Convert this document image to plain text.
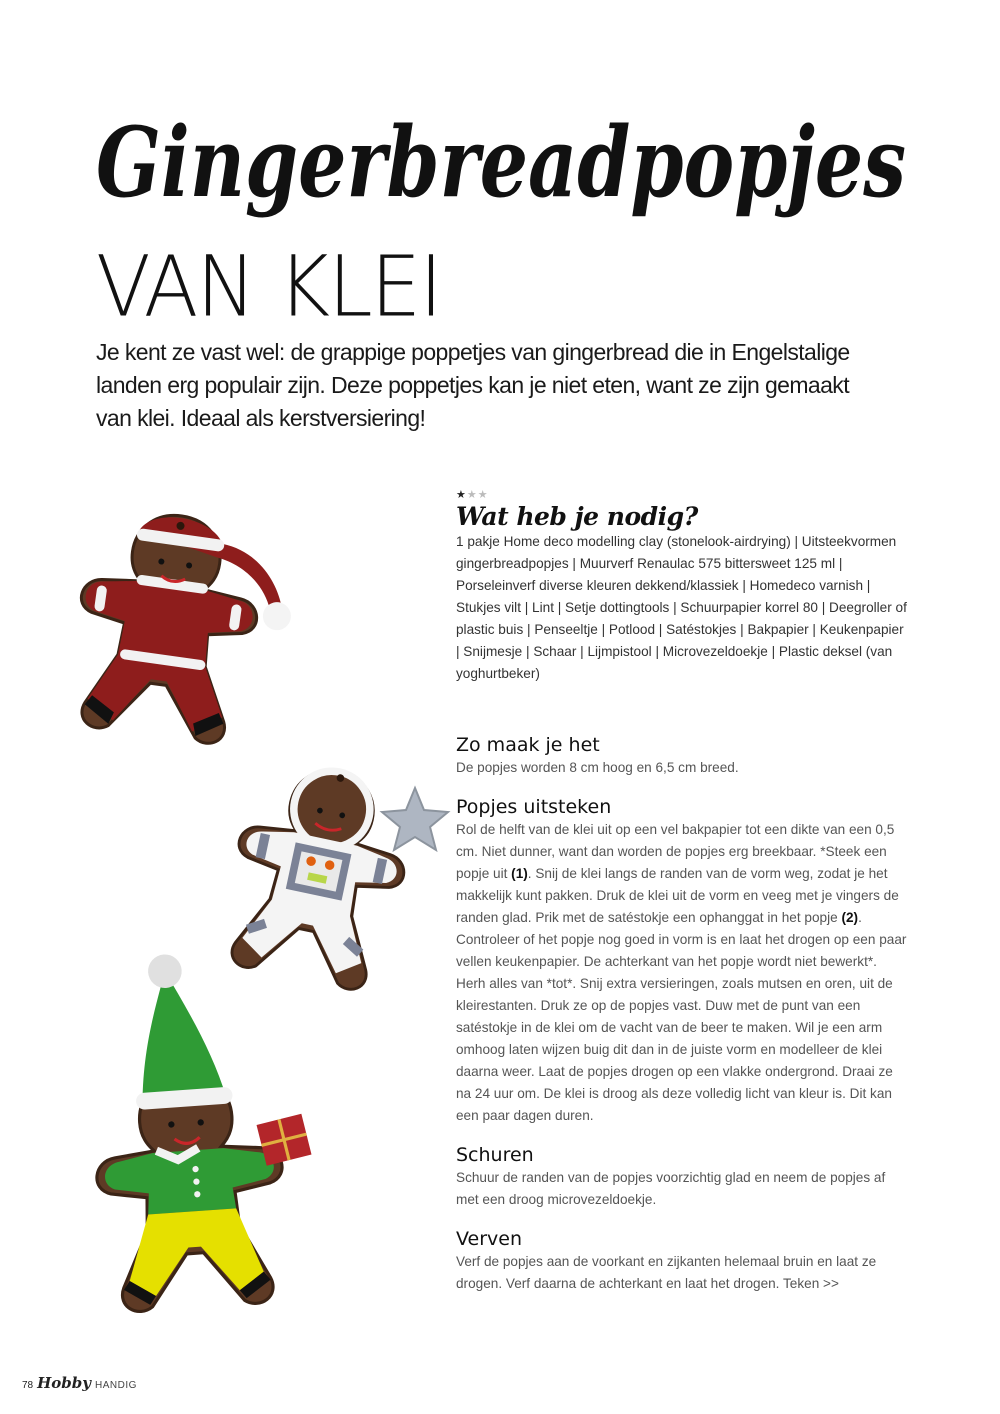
Gingerbreadpopjes
VAN KLEI
Je kent ze vast wel: de grappige poppetjes van gingerbread die in Engelstalige landen erg populair zijn. Deze poppetjes kan je niet eten, want ze zijn gemaakt van klei. Ideaal als kerstversiering!
★★★
Wat heb je nodig?
1 pakje Home deco modelling clay (stonelook-airdrying) | Uitsteekvormen gingerbreadpopjes | Muurverf Renaulac 575 bittersweet 125 ml | Porseleinverf diverse kleuren dekkend/klassiek | Homedeco varnish | Stukjes vilt | Lint | Setje dottingtools | Schuurpapier korrel 80 | Deegroller of plastic buis | Penseeltje | Potlood | Satéstokjes | Bakpapier | Keukenpapier | Snijmesje | Schaar | Lijmpistool | Microvezeldoekje | Plastic deksel (van yoghurtbeker)
Zo maak je het
De popjes worden 8 cm hoog en 6,5 cm breed.
Popjes uitsteken
Rol de helft van de klei uit op een vel bakpapier tot een dikte van een 0,5 cm. Niet dunner, want dan worden de popjes erg breekbaar. *Steek een popje uit (1). Snij de klei langs de randen van de vorm weg, zodat je het makkelijk kunt pakken. Druk de klei uit de vorm en veeg met je vingers de randen glad. Prik met de satéstokje een ophanggat in het popje (2). Controleer of het popje nog goed in vorm is en laat het drogen op een paar vellen keukenpapier. De achterkant van het popje wordt niet bewerkt*. Herh alles van *tot*. Snij extra versieringen, zoals mutsen en oren, uit de kleirestanten. Druk ze op de popjes vast. Duw met de punt van een satéstokje in de klei om de vacht van de beer te maken. Wil je een arm omhoog laten wijzen buig dit dan in de juiste vorm en modelleer de klei daarna weer. Laat de popjes drogen op een vlakke ondergrond. Draai ze na 24 uur om. De klei is droog als deze volledig licht van kleur is. Dit kan een paar dagen duren.
Schuren
Schuur de randen van de popjes voorzichtig glad en neem de popjes af met een droog microvezeldoekje.
Verven
Verf de popjes aan de voorkant en zijkanten helemaal bruin en laat ze drogen. Verf daarna de achterkant en laat het drogen. Teken >>
78 Hobby HANDIG
